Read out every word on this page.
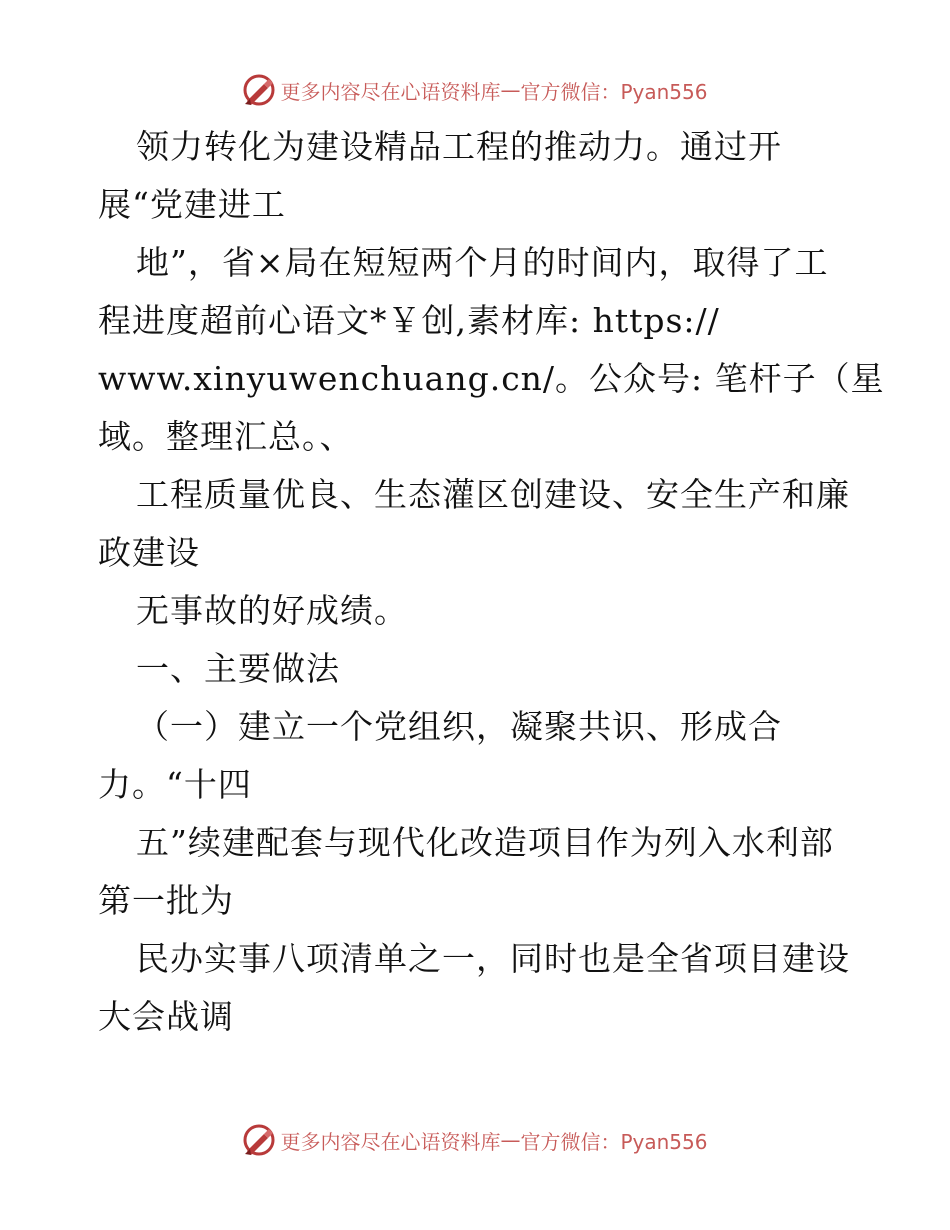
更多内容尽在心语资料库 — 官方微信：Pyan556
领力转化为建设精品工程的推动力。通过开
展“党建进工
地”，省×局在短短两个月的时间内，取得了工
程进度超前心语文*￥创,素材库: https://
www.xinyuwenchuang.cn/。公众号: 笔杆子（星
域。整理汇总。、
工程质量优良、生态灌区创建设、安全生产和廉
政建设
无事故的好成绩。
一、主要做法
（一）建立一个党组织，凝聚共识、形成合
力。“十四
五”续建配套与现代化改造项目作为列入水利部
第一批为
民办实事八项清单之一，同时也是全省项目建设
大会战调
更多内容尽在心语资料库 — 官方微信：Pyan556
